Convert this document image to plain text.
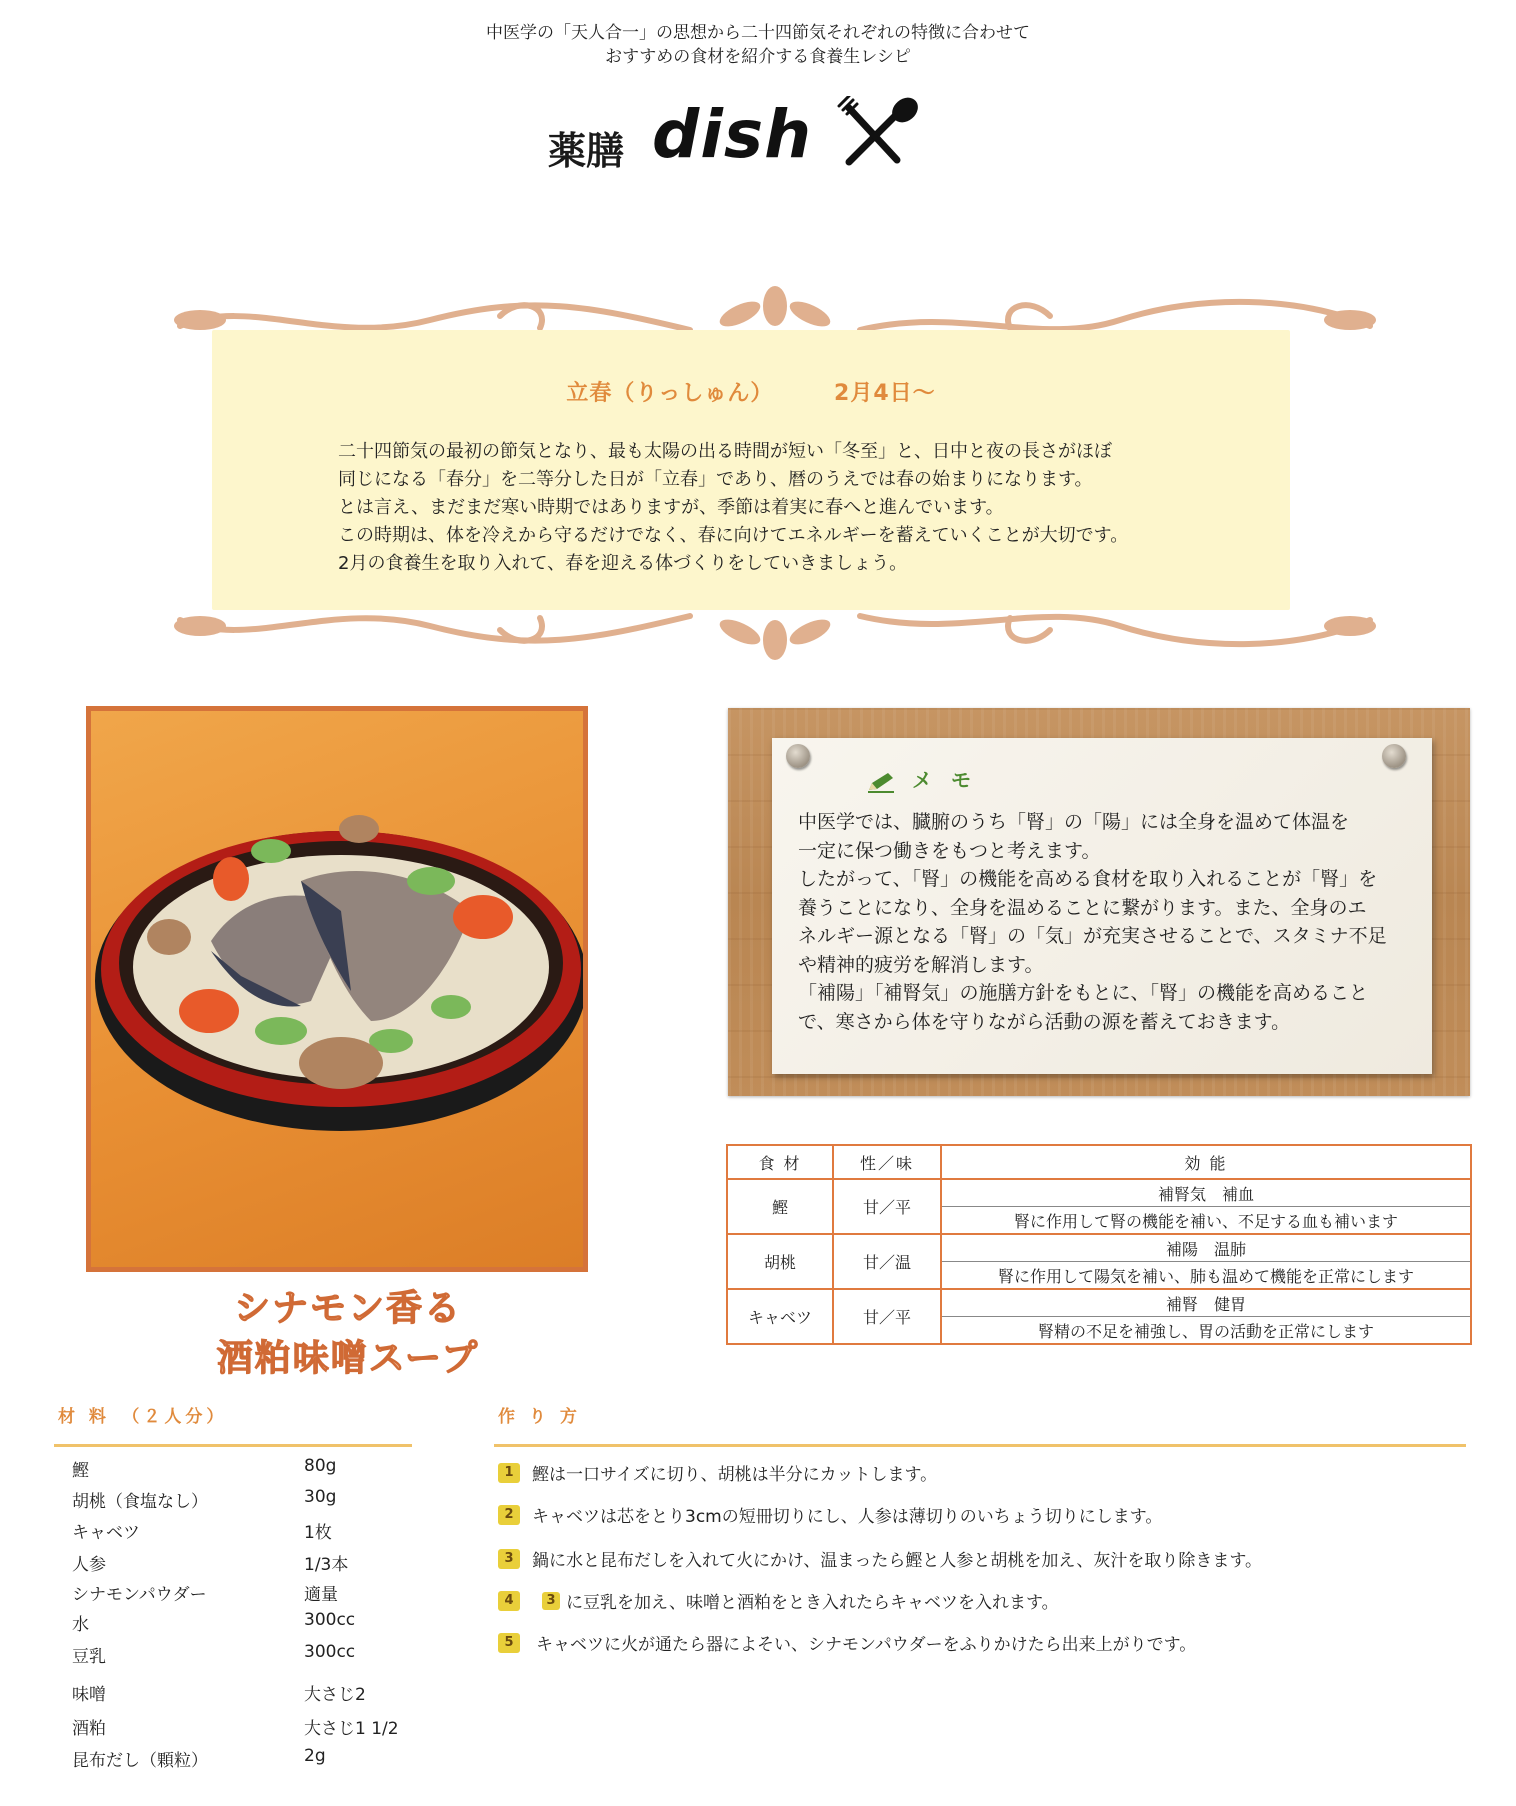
中医学の「天人合一」の思想から二十四節気それぞれの特徴に合わせて
おすすめの食材を紹介する食養生レシピ
薬膳 dish
立春（りっしゅん）	2月4日～
二十四節気の最初の節気となり、最も太陽の出る時間が短い「冬至」と、日中と夜の長さがほぼ
同じになる「春分」を二等分した日が「立春」であり、暦のうえでは春の始まりになります。
とは言え、まだまだ寒い時期ではありますが、季節は着実に春へと進んでいます。
この時期は、体を冷えから守るだけでなく、春に向けてエネルギーを蓄えていくことが大切です。
2月の食養生を取り入れて、春を迎える体づくりをしていきましょう。
シナモン香る
酒粕味噌スープ
メ モ
中医学では、臓腑のうち「腎」の「陽」には全身を温めて体温を
一定に保つ働きをもつと考えます。
したがって、「腎」の機能を高める食材を取り入れることが「腎」を
養うことになり、全身を温めることに繋がります。また、全身のエ
ネルギー源となる「腎」の「気」が充実させることで、スタミナ不足
や精神的疲労を解消します。
「補陽」「補腎気」の施膳方針をもとに、「腎」の機能を高めること
で、寒さから体を守りながら活動の源を蓄えておきます。
食 材	性／味	効 能
鰹	甘／平	補腎気　補血
		腎に作用して腎の機能を補い、不足する血も補います
胡桃	甘／温	補陽　温肺
		腎に作用して陽気を補い、肺も温めて機能を正常にします
キャベツ	甘／平	補腎　健胃
		腎精の不足を補強し、胃の活動を正常にします
材 料　（２人分）
鰹	80g
胡桃（食塩なし）	30g
キャベツ	1枚
人参	1/3本
シナモンパウダー	適量
水	300cc
豆乳	300cc
味噌	大さじ2
酒粕	大さじ1 1/2
昆布だし（顆粒）	2g
作 り 方
1 鰹は一口サイズに切り、胡桃は半分にカットします。
2 キャベツは芯をとり3cmの短冊切りにし、人参は薄切りのいちょう切りにします。
3 鍋に水と昆布だしを入れて火にかけ、温まったら鰹と人参と胡桃を加え、灰汁を取り除きます。
4	3 に豆乳を加え、味噌と酒粕をとき入れたらキャベツを入れます。
5 キャベツに火が通たら器によそい、シナモンパウダーをふりかけたら出来上がりです。
